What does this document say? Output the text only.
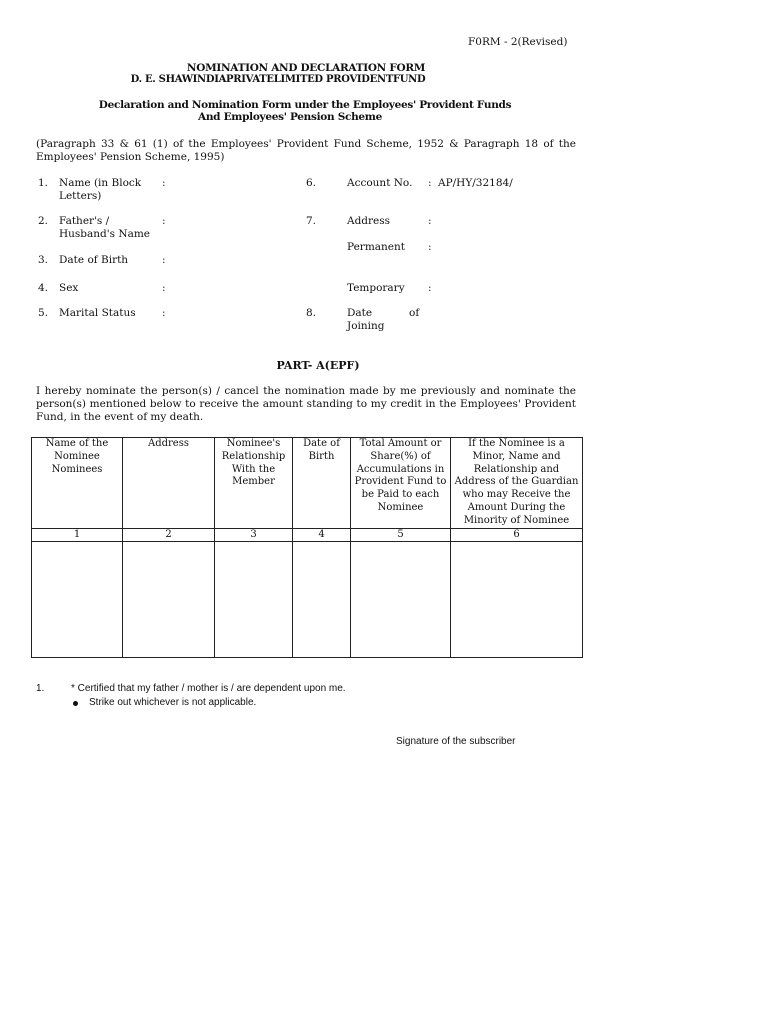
F0RM - 2(Revised)
NOMINATION AND DECLARATION FORM
D. E. SHAWINDIAPRIVATELIMITED PROVIDENTFUND
Declaration and Nomination Form under the Employees' Provident Funds
And Employees' Pension Scheme
(Paragraph 33 & 61 (1) of the Employees' Provident Fund Scheme, 1952 & Paragraph 18 of the Employees' Pension Scheme, 1995)
1. Name (in Block Letters)
:
2. Father's / Husband's Name
:
3. Date of Birth	:
4. Sex	:
5. Marital Status	:
6.	Account No. : AP/HY/32184/
7.	Address	:
Permanent :
Temporary :
8.	Date	of
Joining
PART- A(EPF)
I hereby nominate the person(s) / cancel the nomination made by me previously and nominate the person(s) mentioned below to receive the amount standing to my credit in the Employees' Provident Fund, in the event of my death.
Name of the Nominee Nominees	Address	Nominee's Relationship With the Member	Date of Birth	Total Amount or Share(%) of Accumulations in Provident Fund to be Paid to each Nominee	If the Nominee is a Minor, Name and Relationship and Address of the Guardian who may Receive the Amount During the Minority of Nominee
1	2	3	4	5	6

1.	* Certified that my father / mother is / are dependent upon me.
Strike out whichever is not applicable.
Signature of the subscriber
